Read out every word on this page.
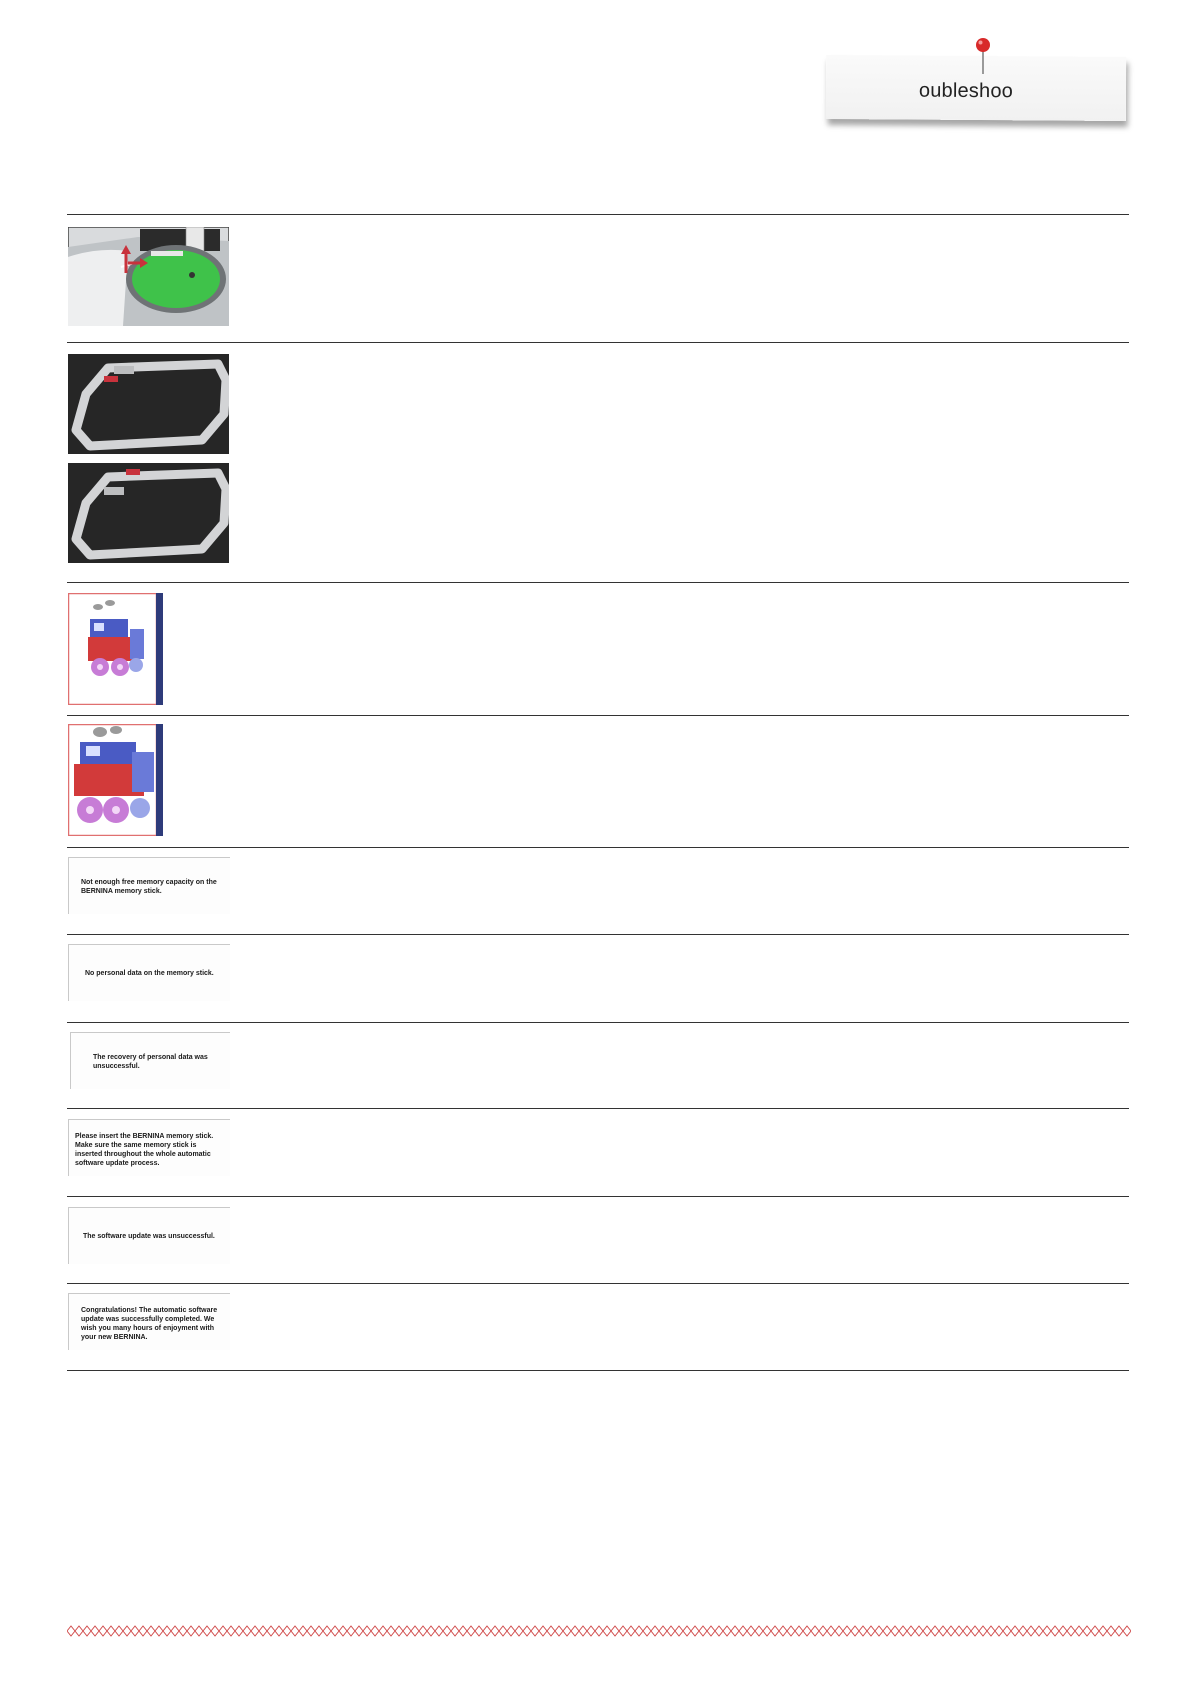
oubleshoo
Not enough free memory capacity on the BERNINA memory stick.
No personal data on the memory stick.
The recovery of personal data was unsuccessful.
Please insert the BERNINA memory stick. Make sure the same memory stick is inserted throughout the whole automatic software update process.
The software update was unsuccessful.
Congratulations! The automatic software update was successfully completed. We wish you many hours of enjoyment with your new BERNINA.
